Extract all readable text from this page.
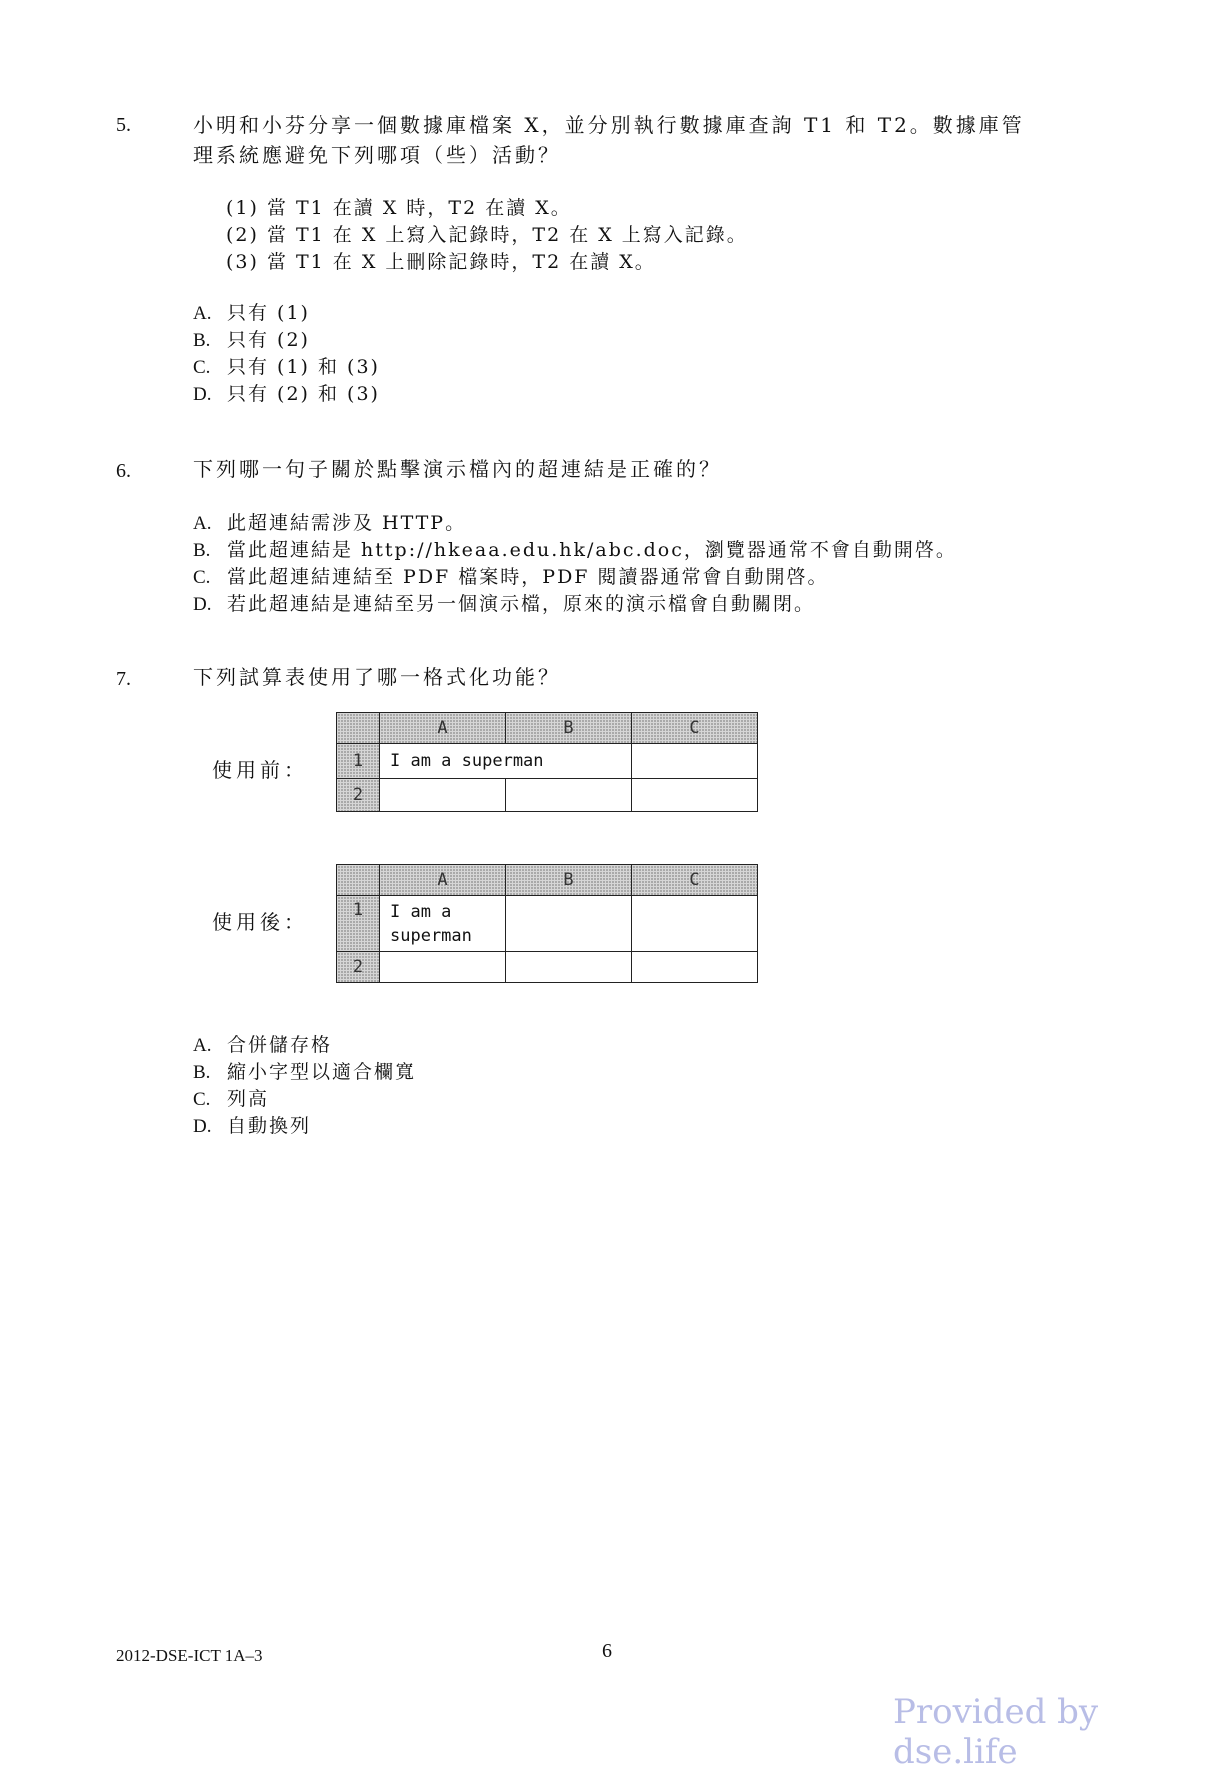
5.	小明和小芬分享一個數據庫檔案 X，並分別執行數據庫查詢 T1 和 T2。數據庫管
理系統應避免下列哪項（些）活動？
(1) 當 T1 在讀 X 時，T2 在讀 X。
(2) 當 T1 在 X 上寫入記錄時，T2 在 X 上寫入記錄。
(3) 當 T1 在 X 上刪除記錄時，T2 在讀 X。
A. 只有 (1)
B. 只有 (2)
C. 只有 (1) 和 (3)
D. 只有 (2) 和 (3)
6.	下列哪一句子關於點擊演示檔內的超連結是正確的？
A. 此超連結需涉及 HTTP。
B. 當此超連結是 http://hkeaa.edu.hk/abc.doc，瀏覽器通常不會自動開啓。
C. 當此超連結連結至 PDF 檔案時，PDF 閱讀器通常會自動開啓。
D. 若此超連結是連結至另一個演示檔，原來的演示檔會自動關閉。
7.	下列試算表使用了哪一格式化功能？
使用前：
	A	B	C
1	I am a superman		
2			
使用後：
	A	B	C
1	I am a
superman		

2			
A. 合併儲存格
B. 縮小字型以適合欄寬
C. 列高
D. 自動換列
2012-DSE-ICT 1A–3	6
Provided by dse.life
